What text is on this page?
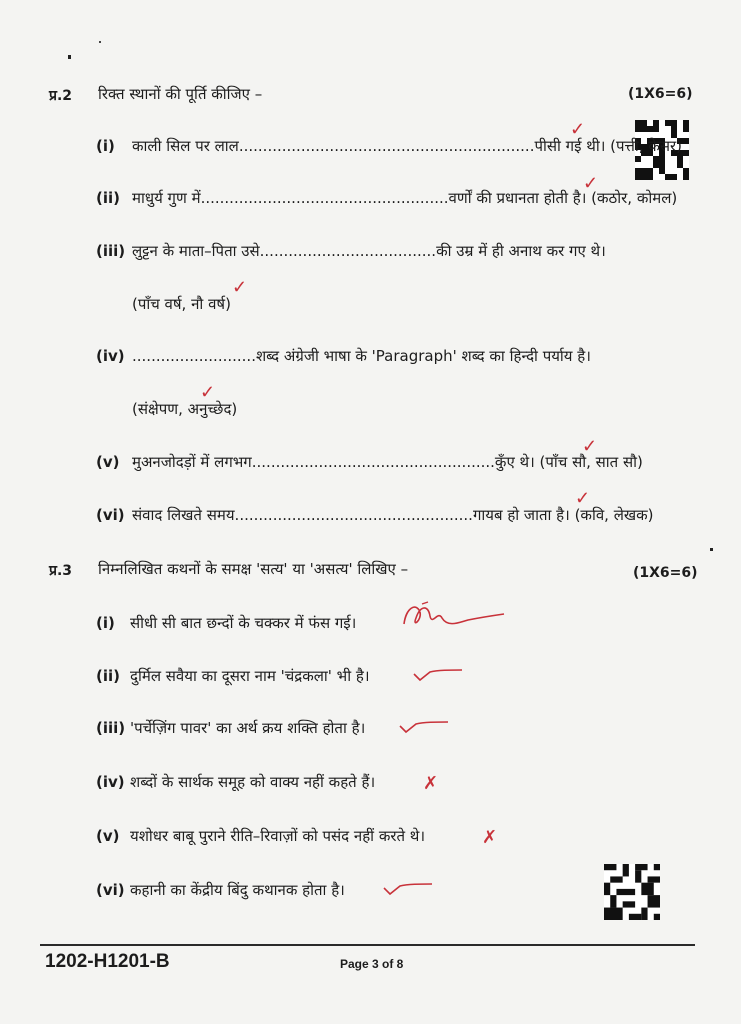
प्र.2 रिक्त स्थानों की पूर्ति कीजिए –	(1X6=6)
(i) काली सिल पर लाल..............................................................पीसी गई थी। (पत्ती, केसर)
(ii) माधुर्य गुण में....................................................वर्णों की प्रधानता होती है। (कठोर, कोमल)
(iii) लुट्टन के माता–पिता उसे.....................................की उम्र में ही अनाथ कर गए थे।
(पाँच वर्ष, नौ वर्ष)
(iv) ..........................शब्द अंग्रेजी भाषा के 'Paragraph' शब्द का हिन्दी पर्याय है।
(संक्षेपण, अनुच्छेद)
(v) मुअनजोदड़ों में लगभग...................................................कुँए थे। (पाँच सौ, सात सौ)
(vi) संवाद लिखते समय..................................................गायब हो जाता है। (कवि, लेखक)
✓
✓
✓
✓
✓
✓
प्र.3 निम्नलिखित कथनों के समक्ष 'सत्य' या 'असत्य' लिखिए –	(1X6=6)
(i) सीधी सी बात छन्दों के चक्कर में फंस गई।
(ii) दुर्मिल सवैया का दूसरा नाम 'चंद्रकला' भी है।
(iii) 'पर्चेज़िंग पावर' का अर्थ क्रय शक्ति होता है।
(iv) शब्दों के सार्थक समूह को वाक्य नहीं कहते हैं।
(v) यशोधर बाबू पुराने रीति–रिवाज़ों को पसंद नहीं करते थे।
(vi) कहानी का केंद्रीय बिंदु कथानक होता है।
✗
✗
1202-H1201-B	Page 3 of 8
